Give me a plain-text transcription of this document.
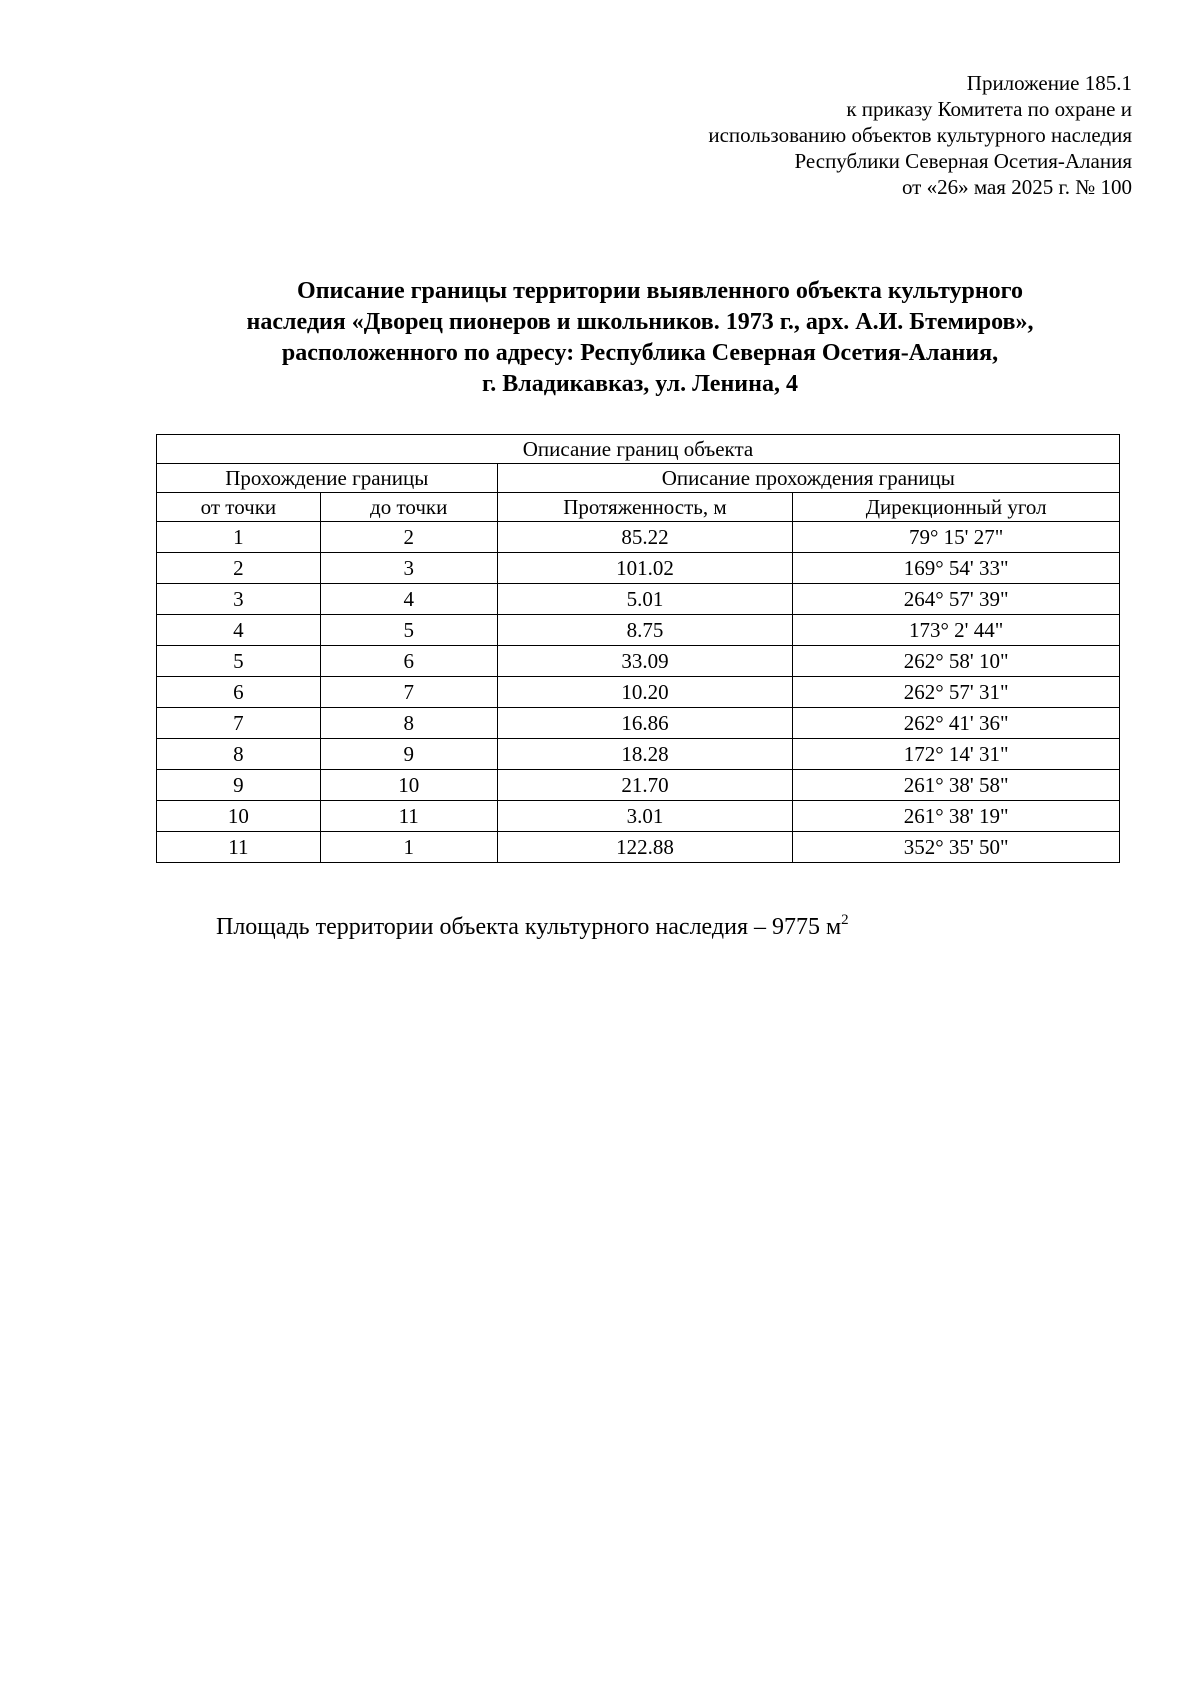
Приложение 185.1
к приказу Комитета по охране и
использованию объектов культурного наследия
Республики Северная Осетия-Алания
от «26» мая 2025 г. № 100
Описание границы территории выявленного объекта культурного
наследия «Дворец пионеров и школьников. 1973 г., арх. А.И. Бтемиров»,
расположенного по адресу: Республика Северная Осетия-Алания,
г. Владикавказ, ул. Ленина, 4
Описание границ объекта			
Прохождение границы		Описание прохождения границы	
от точки	до точки	Протяженность, м	Дирекционный угол
1	2	85.22	79° 15' 27"
2	3	101.02	169° 54' 33"
3	4	5.01	264° 57' 39"
4	5	8.75	173° 2' 44"
5	6	33.09	262° 58' 10"
6	7	10.20	262° 57' 31"
7	8	16.86	262° 41' 36"
8	9	18.28	172° 14' 31"
9	10	21.70	261° 38' 58"
10	11	3.01	261° 38' 19"
11	1	122.88	352° 35' 50"
Площадь территории объекта культурного наследия – 9775 $м^2$
